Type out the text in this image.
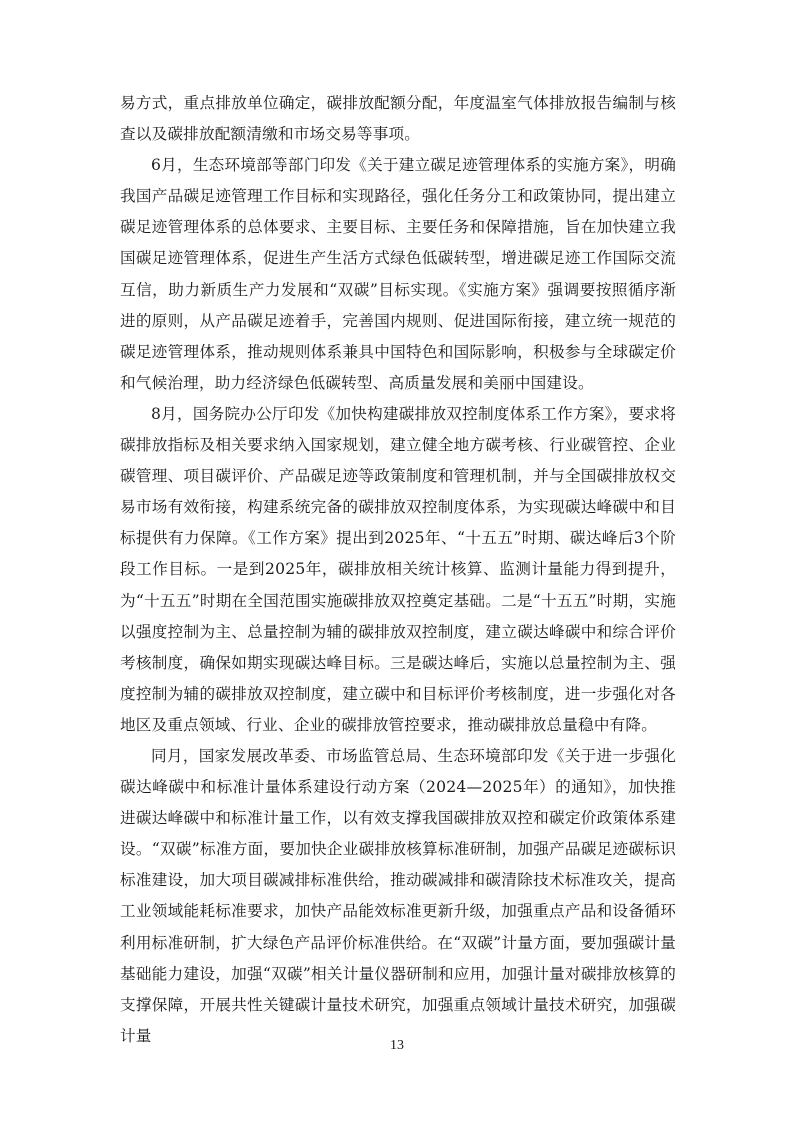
易方式，重点排放单位确定，碳排放配额分配，年度温室气体排放报告编制与核查以及碳排放配额清缴和市场交易等事项。

6月，生态环境部等部门印发《关于建立碳足迹管理体系的实施方案》，明确我国产品碳足迹管理工作目标和实现路径，强化任务分工和政策协同，提出建立碳足迹管理体系的总体要求、主要目标、主要任务和保障措施，旨在加快建立我国碳足迹管理体系，促进生产生活方式绿色低碳转型，增进碳足迹工作国际交流互信，助力新质生产力发展和“双碳”目标实现。《实施方案》强调要按照循序渐进的原则，从产品碳足迹着手，完善国内规则、促进国际衔接，建立统一规范的碳足迹管理体系，推动规则体系兼具中国特色和国际影响，积极参与全球碳定价和气候治理，助力经济绿色低碳转型、高质量发展和美丽中国建设。

8月，国务院办公厅印发《加快构建碳排放双控制度体系工作方案》，要求将碳排放指标及相关要求纳入国家规划，建立健全地方碳考核、行业碳管控、企业碳管理、项目碳评价、产品碳足迹等政策制度和管理机制，并与全国碳排放权交易市场有效衔接，构建系统完备的碳排放双控制度体系，为实现碳达峰碳中和目标提供有力保障。《工作方案》提出到2025年、“十五五”时期、碳达峰后3个阶段工作目标。一是到2025年，碳排放相关统计核算、监测计量能力得到提升，为“十五五”时期在全国范围实施碳排放双控奠定基础。二是“十五五”时期，实施以强度控制为主、总量控制为辅的碳排放双控制度，建立碳达峰碳中和综合评价考核制度，确保如期实现碳达峰目标。三是碳达峰后，实施以总量控制为主、强度控制为辅的碳排放双控制度，建立碳中和目标评价考核制度，进一步强化对各地区及重点领域、行业、企业的碳排放管控要求，推动碳排放总量稳中有降。

同月，国家发展改革委、市场监管总局、生态环境部印发《关于进一步强化碳达峰碳中和标准计量体系建设行动方案（2024—2025年）的通知》，加快推进碳达峰碳中和标准计量工作，以有效支撑我国碳排放双控和碳定价政策体系建设。“双碳”标准方面，要加快企业碳排放核算标准研制，加强产品碳足迹碳标识标准建设，加大项目碳减排标准供给，推动碳减排和碳清除技术标准攻关，提高工业领域能耗标准要求，加快产品能效标准更新升级，加强重点产品和设备循环利用标准研制，扩大绿色产品评价标准供给。在“双碳”计量方面，要加强碳计量基础能力建设，加强“双碳”相关计量仪器研制和应用，加强计量对碳排放核算的支撑保障，开展共性关键碳计量技术研究，加强重点领域计量技术研究，加强碳计量

13
